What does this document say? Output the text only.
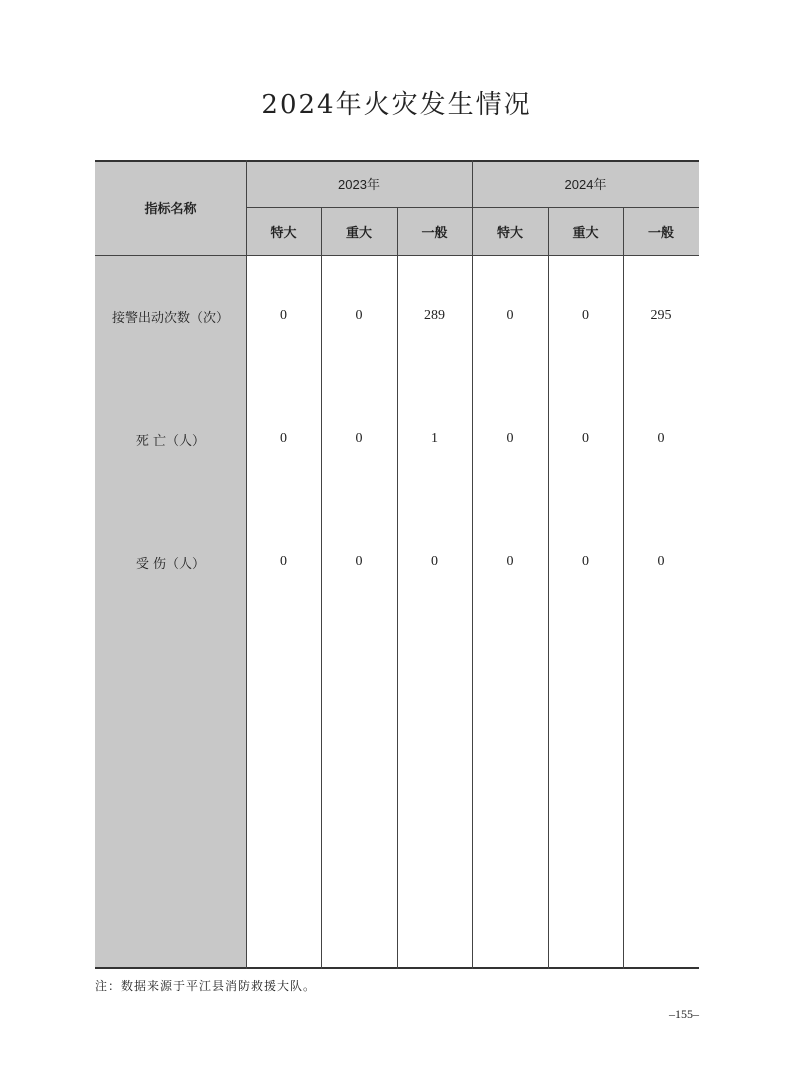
2024年火灾发生情况
指标名称
2023年	2024年
特大	重大	一般	特大	重大	一般
接警出动次数（次）	0	0	289	0	0	295
死 亡（人）	0	0	1	0	0	0
受 伤（人）	0	0	0	0	0	0
注：数据来源于平江县消防救援大队。
–155–
